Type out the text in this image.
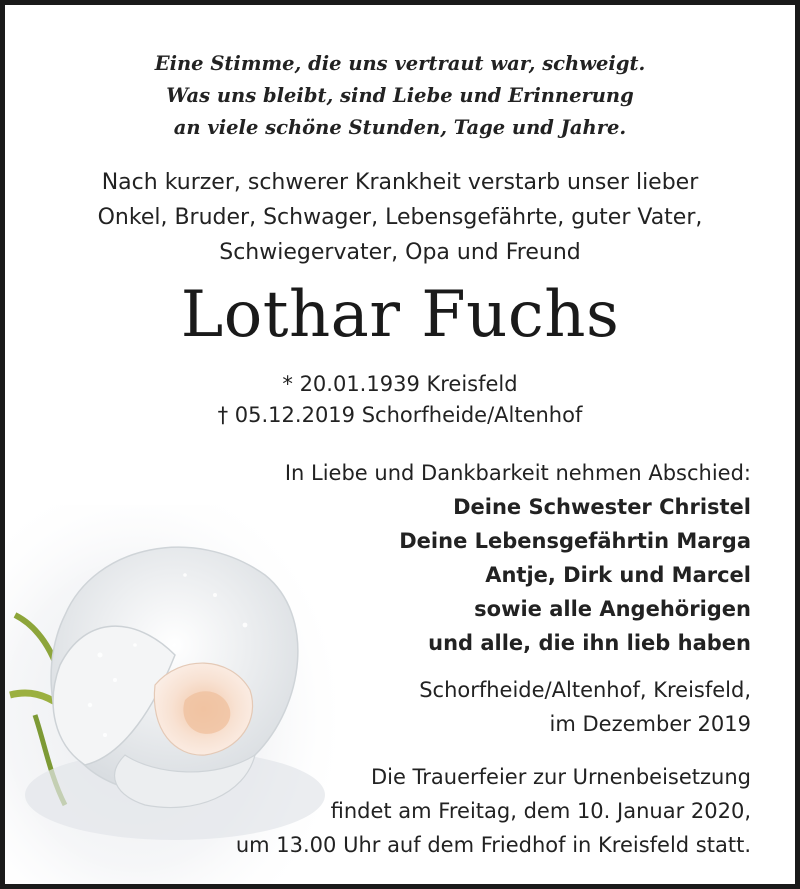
Eine Stimme, die uns vertraut war, schweigt.
Was uns bleibt, sind Liebe und Erinnerung
an viele schöne Stunden, Tage und Jahre.
Nach kurzer, schwerer Krankheit verstarb unser lieber
Onkel, Bruder, Schwager, Lebensgefährte, guter Vater,
Schwiegervater, Opa und Freund
Lothar Fuchs
* 20.01.1939 Kreisfeld
† 05.12.2019 Schorfheide/Altenhof
In Liebe und Dankbarkeit nehmen Abschied:
Deine Schwester Christel
Deine Lebensgefährtin Marga
Antje, Dirk und Marcel
sowie alle Angehörigen
und alle, die ihn lieb haben
Schorfheide/Altenhof, Kreisfeld,
im Dezember 2019
Die Trauerfeier zur Urnenbeisetzung
findet am Freitag, dem 10. Januar 2020,
um 13.00 Uhr auf dem Friedhof in Kreisfeld statt.
